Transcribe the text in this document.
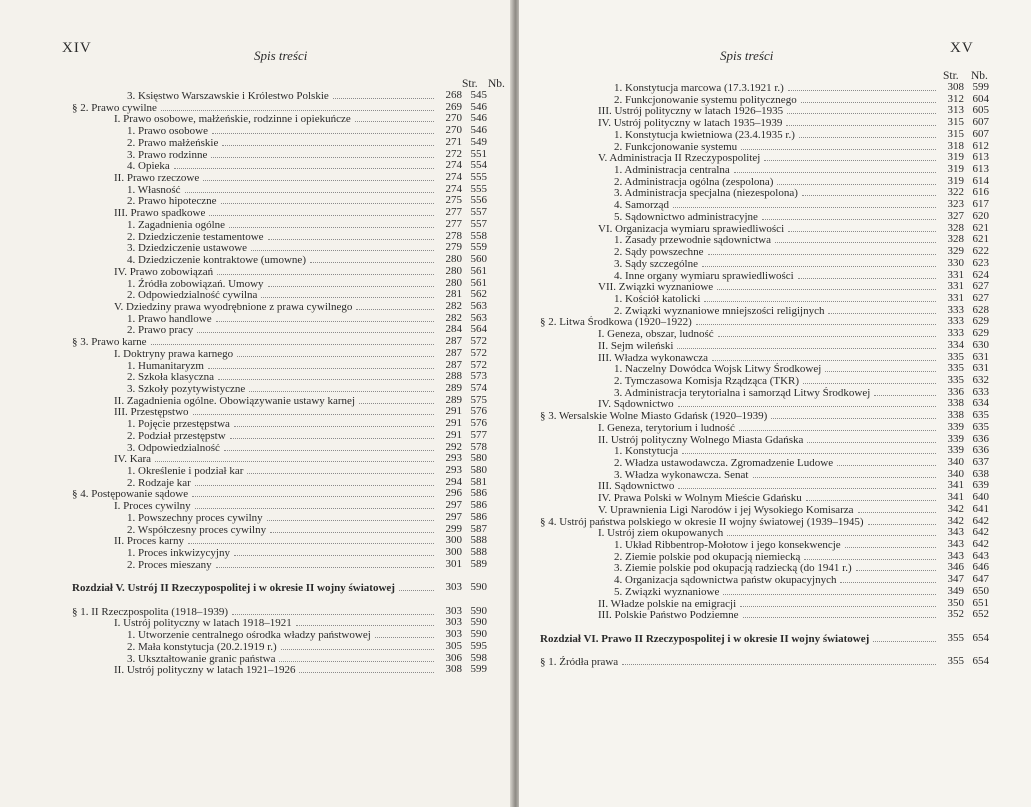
XIV	Spis treści
Str. Nb.
3. Księstwo Warszawskie i Królestwo Polskie	268 545
§ 2. Prawo cywilne	269 546
I. Prawo osobowe, małżeńskie, rodzinne i opiekuńcze	270 546
1. Prawo osobowe	270 546
2. Prawo małżeńskie	271 549
3. Prawo rodzinne	272 551
4. Opieka	274 554
II. Prawo rzeczowe	274 555
1. Własność	274 555
2. Prawo hipoteczne	275 556
III. Prawo spadkowe	277 557
1. Zagadnienia ogólne	277 557
2. Dziedziczenie testamentowe	278 558
3. Dziedziczenie ustawowe	279 559
4. Dziedziczenie kontraktowe (umowne)	280 560
IV. Prawo zobowiązań	280 561
1. Źródła zobowiązań. Umowy	280 561
2. Odpowiedzialność cywilna	281 562
V. Dziedziny prawa wyodrębnione z prawa cywilnego	282 563
1. Prawo handlowe	282 563
2. Prawo pracy	284 564
§ 3. Prawo karne	287 572
I. Doktryny prawa karnego	287 572
1. Humanitaryzm	287 572
2. Szkoła klasyczna	288 573
3. Szkoły pozytywistyczne	289 574
II. Zagadnienia ogólne. Obowiązywanie ustawy karnej	289 575
III. Przestępstwo	291 576
1. Pojęcie przestępstwa	291 576
2. Podział przestępstw	291 577
3. Odpowiedzialność	292 578
IV. Kara	293 580
1. Określenie i podział kar	293 580
2. Rodzaje kar	294 581
§ 4. Postępowanie sądowe	296 586
I. Proces cywilny	297 586
1. Powszechny proces cywilny	297 586
2. Współczesny proces cywilny	299 587
II. Proces karny	300 588
1. Proces inkwizycyjny	300 588
2. Proces mieszany	301 589
Rozdział V. Ustrój II Rzeczypospolitej i w okresie II wojny światowej	303 590
§ 1. II Rzeczpospolita (1918–1939)	303 590
I. Ustrój polityczny w latach 1918–1921	303 590
1. Utworzenie centralnego ośrodka władzy państwowej	303 590
2. Mała konstytucja (20.2.1919 r.)	305 595
3. Ukształtowanie granic państwa	306 598
II. Ustrój polityczny w latach 1921–1926	308 599
XV
Spis treści
Str. Nb.
1. Konstytucja marcowa (17.3.1921 r.)	308 599
2. Funkcjonowanie systemu politycznego	312 604
III. Ustrój polityczny w latach 1926–1935	313 605
IV. Ustrój polityczny w latach 1935–1939	315 607
1. Konstytucja kwietniowa (23.4.1935 r.)	315 607
2. Funkcjonowanie systemu	318 612
V. Administracja II Rzeczypospolitej	319 613
1. Administracja centralna	319 613
2. Administracja ogólna (zespolona)	319 614
3. Administracja specjalna (niezespolona)	322 616
4. Samorząd	323 617
5. Sądownictwo administracyjne	327 620
VI. Organizacja wymiaru sprawiedliwości	328 621
1. Zasady przewodnie sądownictwa	328 621
2. Sądy powszechne	329 622
3. Sądy szczególne	330 623
4. Inne organy wymiaru sprawiedliwości	331 624
VII. Związki wyznaniowe	331 627
1. Kościół katolicki	331 627
2. Związki wyznaniowe mniejszości religijnych	333 628
§ 2. Litwa Środkowa (1920–1922)	333 629
I. Geneza, obszar, ludność	333 629
II. Sejm wileński	334 630
III. Władza wykonawcza	335 631
1. Naczelny Dowódca Wojsk Litwy Środkowej	335 631
2. Tymczasowa Komisja Rządząca (TKR)	335 632
3. Administracja terytorialna i samorząd Litwy Środkowej	336 633
IV. Sądownictwo	338 634
§ 3. Wersalskie Wolne Miasto Gdańsk (1920–1939)	338 635
I. Geneza, terytorium i ludność	339 635
II. Ustrój polityczny Wolnego Miasta Gdańska	339 636
1. Konstytucja	339 636
2. Władza ustawodawcza. Zgromadzenie Ludowe	340 637
3. Władza wykonawcza. Senat	340 638
III. Sądownictwo	341 639
IV. Prawa Polski w Wolnym Mieście Gdańsku	341 640
V. Uprawnienia Ligi Narodów i jej Wysokiego Komisarza	342 641
§ 4. Ustrój państwa polskiego w okresie II wojny światowej (1939–1945)	342 642
I. Ustrój ziem okupowanych	343 642
1. Układ Ribbentrop-Mołotow i jego konsekwencje	343 642
2. Ziemie polskie pod okupacją niemiecką	343 643
3. Ziemie polskie pod okupacją radziecką (do 1941 r.)	346 646
4. Organizacja sądownictwa państw okupacyjnych	347 647
5. Związki wyznaniowe	349 650
II. Władze polskie na emigracji	350 651
III. Polskie Państwo Podziemne	352 652
Rozdział VI. Prawo II Rzeczypospolitej i w okresie II wojny światowej	355 654
§ 1. Źródła prawa	355 654
